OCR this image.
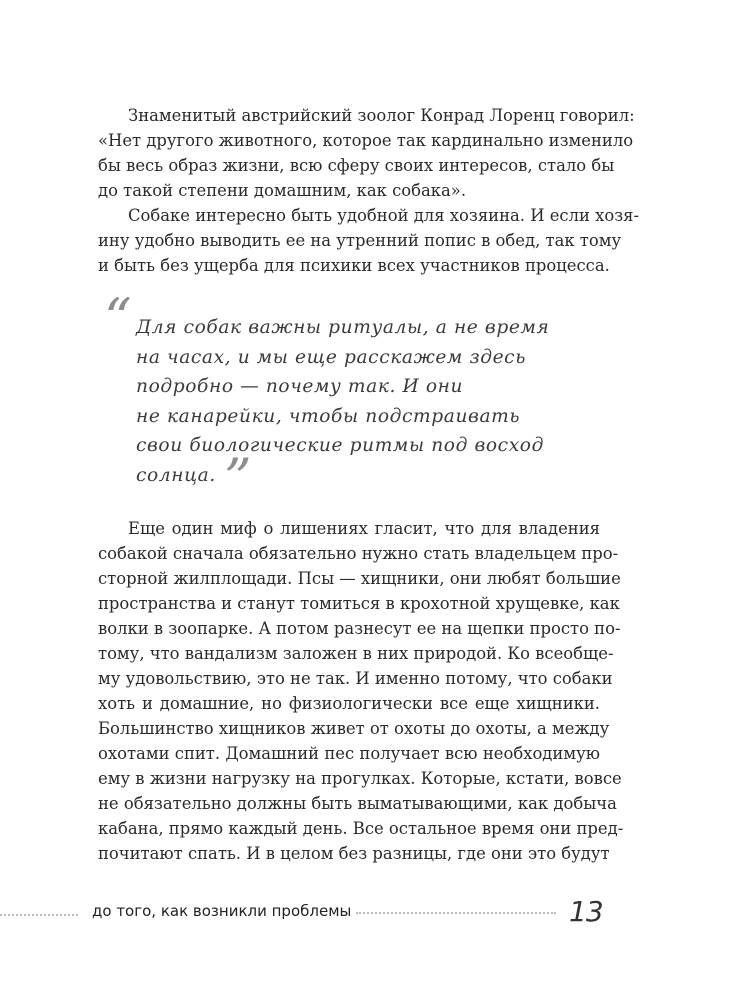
Знаменитый австрийский зоолог Конрад Лоренц говорил:
«Нет другого животного, которое так кардинально изменило
бы весь образ жизни, всю сферу своих интересов, стало бы
до такой степени домашним, как собака».
Собаке интересно быть удобной для хозяина. И если хозя-
ину удобно выводить ее на утренний попис в обед, так тому
и быть без ущерба для психики всех участников процесса.
“ Для собак важны ритуалы, а не время
на часах, и мы еще расскажем здесь
подробно — почему так. И они
не канарейки, чтобы подстраивать
свои биологические ритмы под восход
солнца. ”
Еще один миф о лишениях гласит, что для владения
собакой сначала обязательно нужно стать владельцем про-
сторной жилплощади. Псы — хищники, они любят большие
пространства и станут томиться в крохотной хрущевке, как
волки в зоопарке. А потом разнесут ее на щепки просто по-
тому, что вандализм заложен в них природой. Ко всеобще-
му удовольствию, это не так. И именно потому, что собаки
хоть и домашние, но физиологически все еще хищники.
Большинство хищников живет от охоты до охоты, а между
охотами спит. Домашний пес получает всю необходимую
ему в жизни нагрузку на прогулках. Которые, кстати, вовсе
не обязательно должны быть выматывающими, как добыча
кабана, прямо каждый день. Все остальное время они пред-
почитают спать. И в целом без разницы, где они это будут
до того, как возникли проблемы	13
